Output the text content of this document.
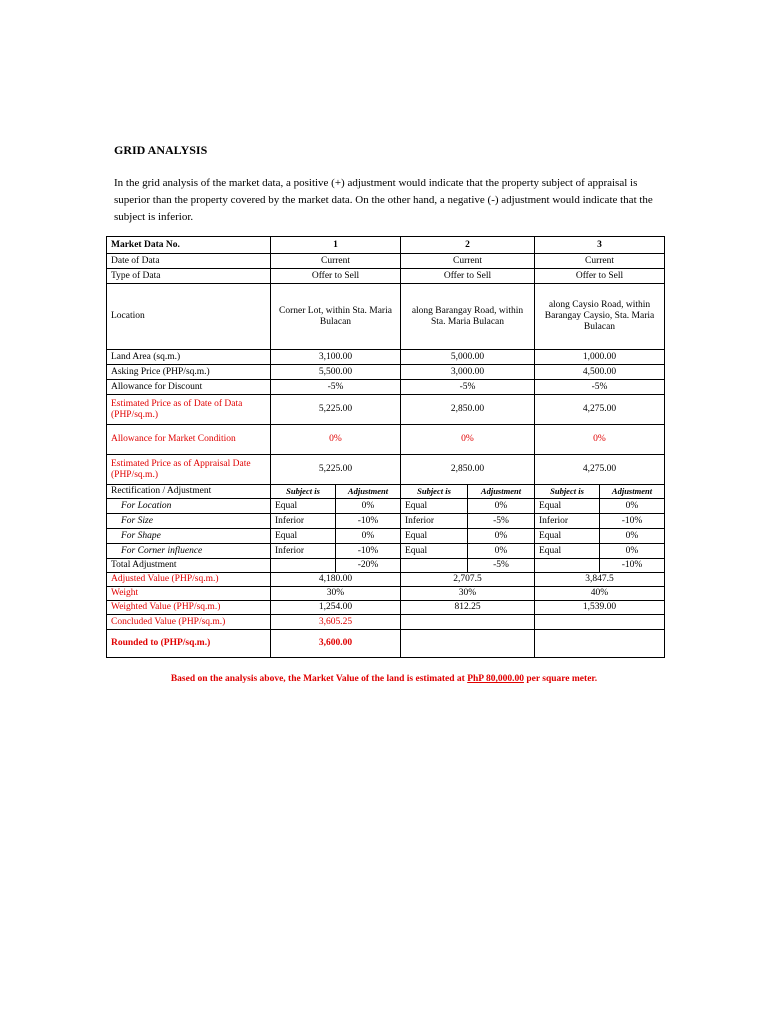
GRID ANALYSIS
In the grid analysis of the market data, a positive (+) adjustment would indicate that the property subject of appraisal is superior than the property covered by the market data. On the other hand, a negative (-) adjustment would indicate that the subject is inferior.
Market Data No.	1		2		3	
Date of Data	Current		Current		Current	
Type of Data	Offer to Sell		Offer to Sell		Offer to Sell	
Location	Corner Lot, within Sta. Maria Bulacan		along Barangay Road, within Sta. Maria Bulacan		along Caysio Road, within Barangay Caysio, Sta. Maria Bulacan	
Land Area (sq.m.)	3,100.00		5,000.00		1,000.00	
Asking Price (PHP/sq.m.)	5,500.00		3,000.00		4,500.00	
Allowance for Discount	-5%		-5%		-5%	
Estimated Price as of Date of Data (PHP/sq.m.)	5,225.00		2,850.00		4,275.00	
Allowance for Market Condition	0%		0%		0%	
Estimated Price as of Appraisal Date (PHP/sq.m.)	5,225.00		2,850.00		4,275.00	
Rectification / Adjustment	Subject is	Adjustment	Subject is	Adjustment	Subject is	Adjustment
For Location	Equal	0%	Equal	0%	Equal	0%
For Size	Inferior	-10%	Inferior	-5%	Inferior	-10%
For Shape	Equal	0%	Equal	0%	Equal	0%
For Corner influence	Inferior	-10%	Equal	0%	Equal	0%
Total Adjustment		-20%		-5%		-10%
Adjusted Value (PHP/sq.m.)	4,180.00		2,707.5		3,847.5	
Weight	30%		30%		40%	
Weighted Value (PHP/sq.m.)	1,254.00		812.25		1,539.00	
Concluded Value (PHP/sq.m.)	3,605.25					
Rounded to (PHP/sq.m.)	3,600.00					
Based on the analysis above, the Market Value of the land is estimated at PhP 80,000.00 per square meter.
